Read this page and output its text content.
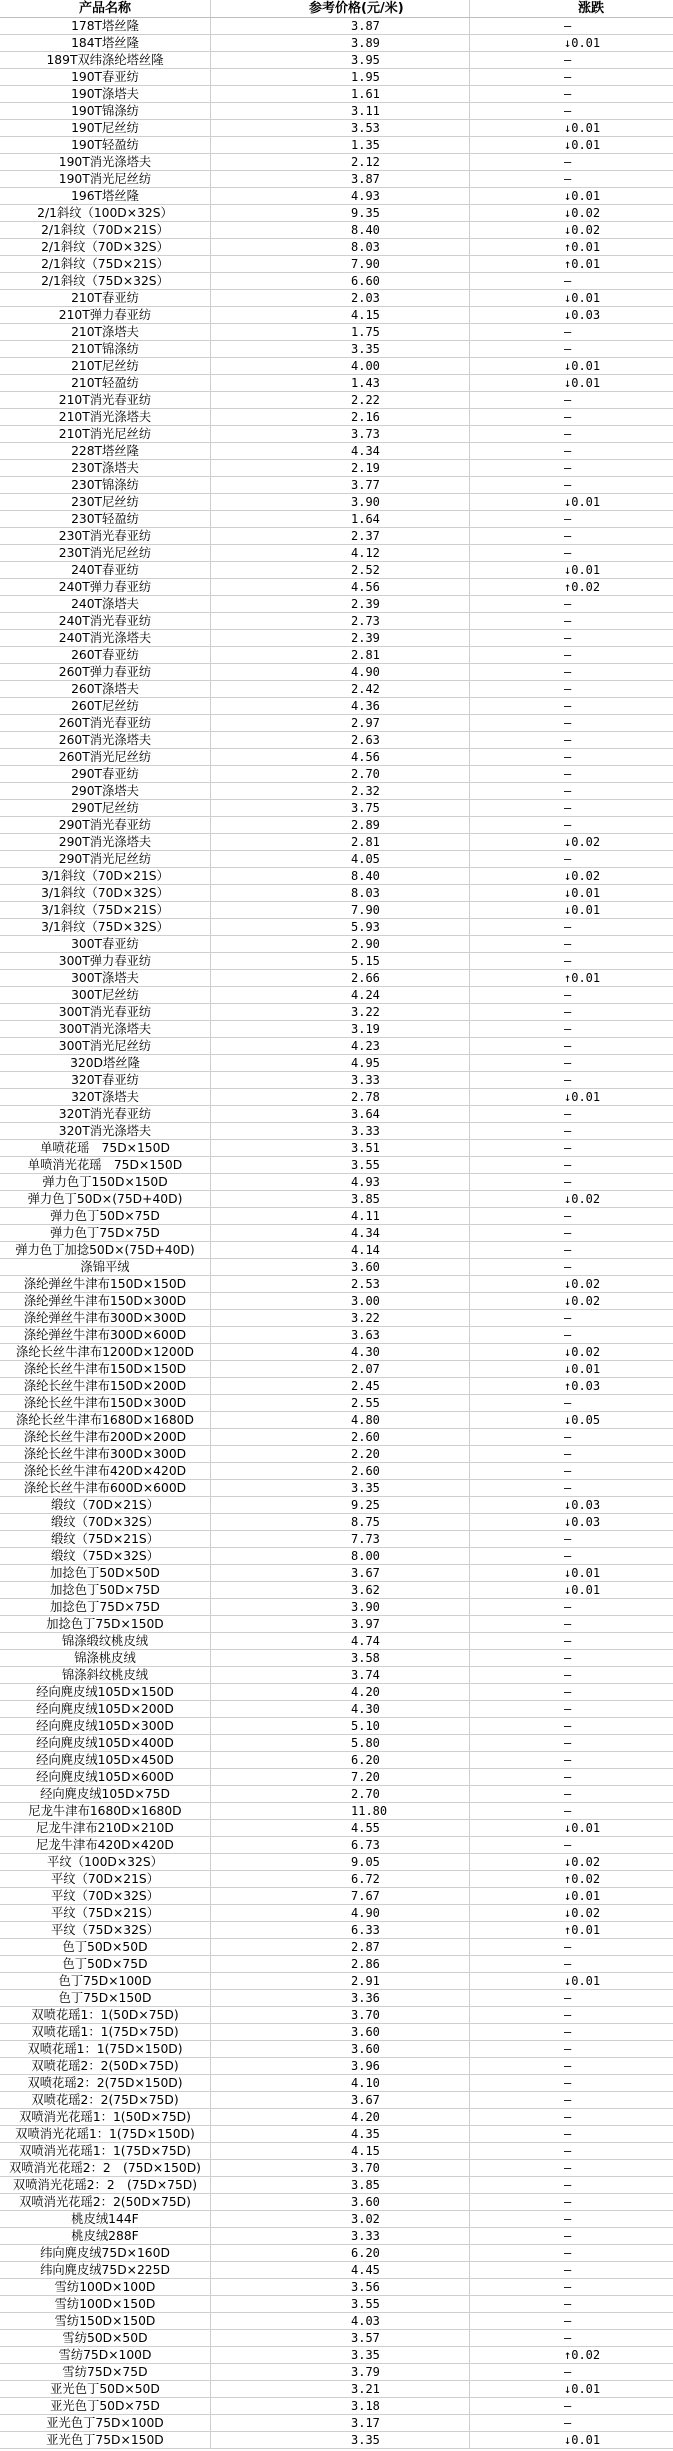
产品名称	参考价格(元/米)	涨跌
178T塔丝隆	3.87	—
184T塔丝隆	3.89	↓0.01
189T双纬涤纶塔丝隆	3.95	—
190T春亚纺	1.95	—
190T涤塔夫	1.61	—
190T锦涤纺	3.11	—
190T尼丝纺	3.53	↓0.01
190T轻盈纺	1.35	↓0.01
190T消光涤塔夫	2.12	—
190T消光尼丝纺	3.87	—
196T塔丝隆	4.93	↓0.01
2/1斜纹（100D×32S）	9.35	↓0.02
2/1斜纹（70D×21S）	8.40	↓0.02
2/1斜纹（70D×32S）	8.03	↑0.01
2/1斜纹（75D×21S）	7.90	↑0.01
2/1斜纹（75D×32S）	6.60	—
210T春亚纺	2.03	↓0.01
210T弹力春亚纺	4.15	↓0.03
210T涤塔夫	1.75	—
210T锦涤纺	3.35	—
210T尼丝纺	4.00	↓0.01
210T轻盈纺	1.43	↓0.01
210T消光春亚纺	2.22	—
210T消光涤塔夫	2.16	—
210T消光尼丝纺	3.73	—
228T塔丝隆	4.34	—
230T涤塔夫	2.19	—
230T锦涤纺	3.77	—
230T尼丝纺	3.90	↓0.01
230T轻盈纺	1.64	—
230T消光春亚纺	2.37	—
230T消光尼丝纺	4.12	—
240T春亚纺	2.52	↓0.01
240T弹力春亚纺	4.56	↑0.02
240T涤塔夫	2.39	—
240T消光春亚纺	2.73	—
240T消光涤塔夫	2.39	—
260T春亚纺	2.81	—
260T弹力春亚纺	4.90	—
260T涤塔夫	2.42	—
260T尼丝纺	4.36	—
260T消光春亚纺	2.97	—
260T消光涤塔夫	2.63	—
260T消光尼丝纺	4.56	—
290T春亚纺	2.70	—
290T涤塔夫	2.32	—
290T尼丝纺	3.75	—
290T消光春亚纺	2.89	—
290T消光涤塔夫	2.81	↓0.02
290T消光尼丝纺	4.05	—
3/1斜纹（70D×21S）	8.40	↓0.02
3/1斜纹（70D×32S）	8.03	↓0.01
3/1斜纹（75D×21S）	7.90	↓0.01
3/1斜纹（75D×32S）	5.93	—
300T春亚纺	2.90	—
300T弹力春亚纺	5.15	—
300T涤塔夫	2.66	↑0.01
300T尼丝纺	4.24	—
300T消光春亚纺	3.22	—
300T消光涤塔夫	3.19	—
300T消光尼丝纺	4.23	—
320D塔丝隆	4.95	—
320T春亚纺	3.33	—
320T涤塔夫	2.78	↓0.01
320T消光春亚纺	3.64	—
320T消光涤塔夫	3.33	—
单喷花瑶　75D×150D	3.51	—
单喷消光花瑶　75D×150D	3.55	—
弹力色丁150D×150D	4.93	—
弹力色丁50D×(75D+40D)	3.85	↓0.02
弹力色丁50D×75D	4.11	—
弹力色丁75D×75D	4.34	—
弹力色丁加捻50D×(75D+40D)	4.14	—
涤锦平绒	3.60	—
涤纶弹丝牛津布150D×150D	2.53	↓0.02
涤纶弹丝牛津布150D×300D	3.00	↓0.02
涤纶弹丝牛津布300D×300D	3.22	—
涤纶弹丝牛津布300D×600D	3.63	—
涤纶长丝牛津布1200D×1200D	4.30	↓0.02
涤纶长丝牛津布150D×150D	2.07	↓0.01
涤纶长丝牛津布150D×200D	2.45	↑0.03
涤纶长丝牛津布150D×300D	2.55	—
涤纶长丝牛津布1680D×1680D	4.80	↓0.05
涤纶长丝牛津布200D×200D	2.60	—
涤纶长丝牛津布300D×300D	2.20	—
涤纶长丝牛津布420D×420D	2.60	—
涤纶长丝牛津布600D×600D	3.35	—
缎纹（70D×21S）	9.25	↓0.03
缎纹（70D×32S）	8.75	↓0.03
缎纹（75D×21S）	7.73	—
缎纹（75D×32S）	8.00	—
加捻色丁50D×50D	3.67	↓0.01
加捻色丁50D×75D	3.62	↓0.01
加捻色丁75D×75D	3.90	—
加捻色丁75D×150D	3.97	—
锦涤缎纹桃皮绒	4.74	—
锦涤桃皮绒	3.58	—
锦涤斜纹桃皮绒	3.74	—
经向麂皮绒105D×150D	4.20	—
经向麂皮绒105D×200D	4.30	—
经向麂皮绒105D×300D	5.10	—
经向麂皮绒105D×400D	5.80	—
经向麂皮绒105D×450D	6.20	—
经向麂皮绒105D×600D	7.20	—
经向麂皮绒105D×75D	2.70	—
尼龙牛津布1680D×1680D	11.80	—
尼龙牛津布210D×210D	4.55	↓0.01
尼龙牛津布420D×420D	6.73	—
平纹（100D×32S）	9.05	↓0.02
平纹（70D×21S）	6.72	↑0.02
平纹（70D×32S）	7.67	↓0.01
平纹（75D×21S）	4.90	↓0.02
平纹（75D×32S）	6.33	↑0.01
色丁50D×50D	2.87	—
色丁50D×75D	2.86	—
色丁75D×100D	2.91	↓0.01
色丁75D×150D	3.36	—
双喷花瑶1：1(50D×75D)	3.70	—
双喷花瑶1：1(75D×75D)	3.60	—
双喷花瑶1：1(75D×150D)	3.60	—
双喷花瑶2：2(50D×75D)	3.96	—
双喷花瑶2：2(75D×150D)	4.10	—
双喷花瑶2：2(75D×75D)	3.67	—
双喷消光花瑶1：1(50D×75D)	4.20	—
双喷消光花瑶1：1(75D×150D)	4.35	—
双喷消光花瑶1：1(75D×75D)	4.15	—
双喷消光花瑶2：2　(75D×150D)	3.70	—
双喷消光花瑶2：2　(75D×75D)	3.85	—
双喷消光花瑶2：2(50D×75D)	3.60	—
桃皮绒144F	3.02	—
桃皮绒288F	3.33	—
纬向麂皮绒75D×160D	6.20	—
纬向麂皮绒75D×225D	4.45	—
雪纺100D×100D	3.56	—
雪纺100D×150D	3.55	—
雪纺150D×150D	4.03	—
雪纺50D×50D	3.57	—
雪纺75D×100D	3.35	↑0.02
雪纺75D×75D	3.79	—
亚光色丁50D×50D	3.21	↓0.01
亚光色丁50D×75D	3.18	—
亚光色丁75D×100D	3.17	—
亚光色丁75D×150D	3.35	↓0.01
